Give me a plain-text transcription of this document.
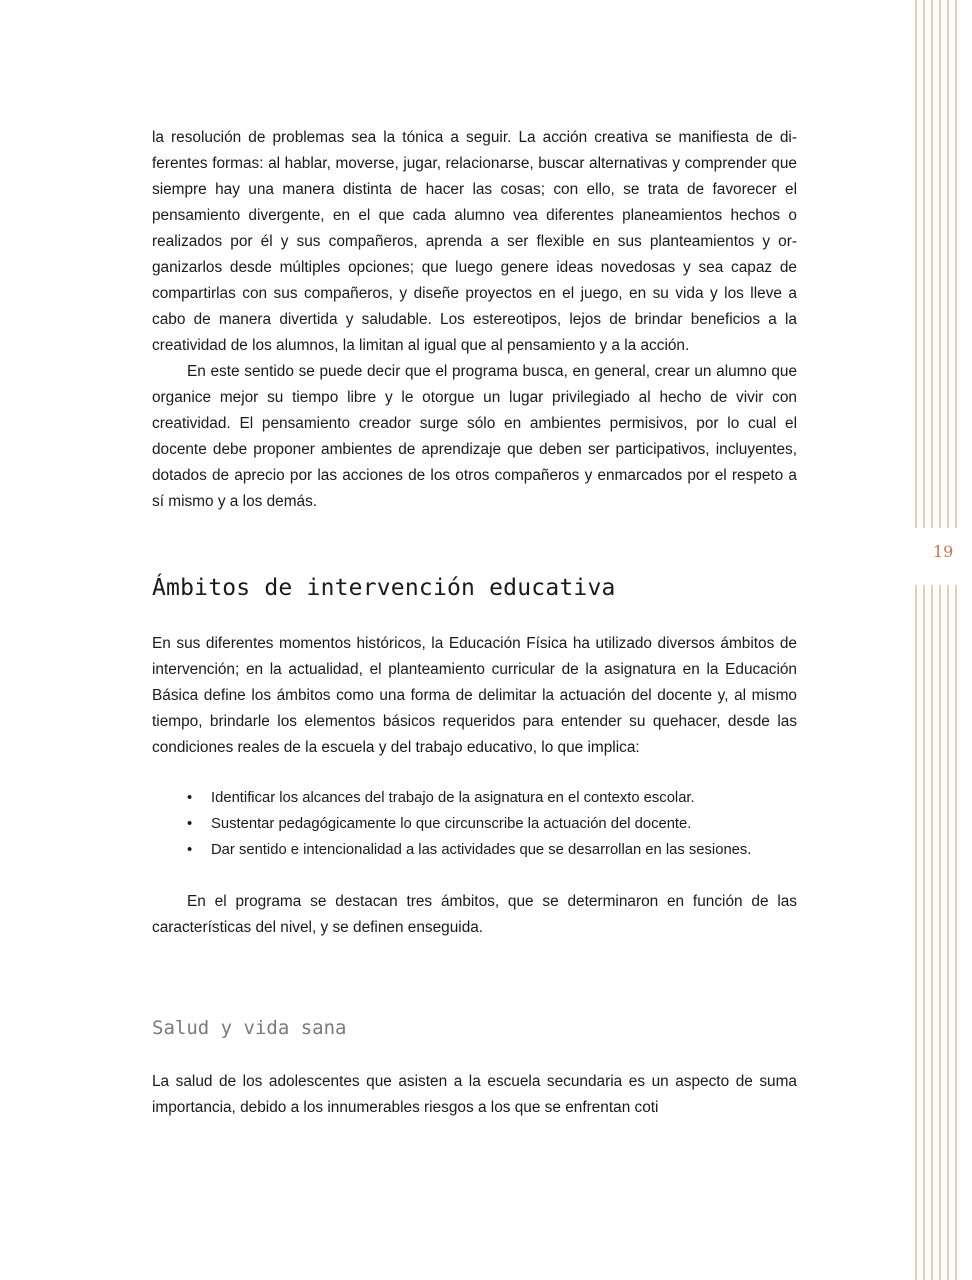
19

la resolución de problemas sea la tónica a seguir. La acción creativa se manifiesta de diferentes formas: al hablar, moverse, jugar, relacionarse, buscar alternativas y comprender que siempre hay una manera distinta de hacer las cosas; con ello, se trata de favorecer el pensamiento divergente, en el que cada alumno vea diferentes planeamientos hechos o realizados por él y sus compañeros, aprenda a ser flexible en sus planteamientos y organizarlos desde múltiples opciones; que luego genere ideas novedosas y sea capaz de compartirlas con sus compañeros, y diseñe proyectos en el juego, en su vida y los lleve a cabo de manera divertida y saludable. Los estereotipos, lejos de brindar beneficios a la creatividad de los alumnos, la limitan al igual que al pensamiento y a la acción.

En este sentido se puede decir que el programa busca, en general, crear un alumno que organice mejor su tiempo libre y le otorgue un lugar privilegiado al hecho de vivir con creatividad. El pensamiento creador surge sólo en ambientes permisivos, por lo cual el docente debe proponer ambientes de aprendizaje que deben ser participativos, incluyentes, dotados de aprecio por las acciones de los otros compañeros y enmarcados por el respeto a sí mismo y a los demás.

Ámbitos de intervención educativa

En sus diferentes momentos históricos, la Educación Física ha utilizado diversos ámbitos de intervención; en la actualidad, el planteamiento curricular de la asignatura en la Educación Básica define los ámbitos como una forma de delimitar la actuación del docente y, al mismo tiempo, brindarle los elementos básicos requeridos para entender su quehacer, desde las condiciones reales de la escuela y del trabajo educativo, lo que implica:

• Identificar los alcances del trabajo de la asignatura en el contexto escolar.
• Sustentar pedagógicamente lo que circunscribe la actuación del docente.
• Dar sentido e intencionalidad a las actividades que se desarrollan en las sesiones.

En el programa se destacan tres ámbitos, que se determinaron en función de las características del nivel, y se definen enseguida.

Salud y vida sana

La salud de los adolescentes que asisten a la escuela secundaria es un aspecto de suma importancia, debido a los innumerables riesgos a los que se enfrentan coti
